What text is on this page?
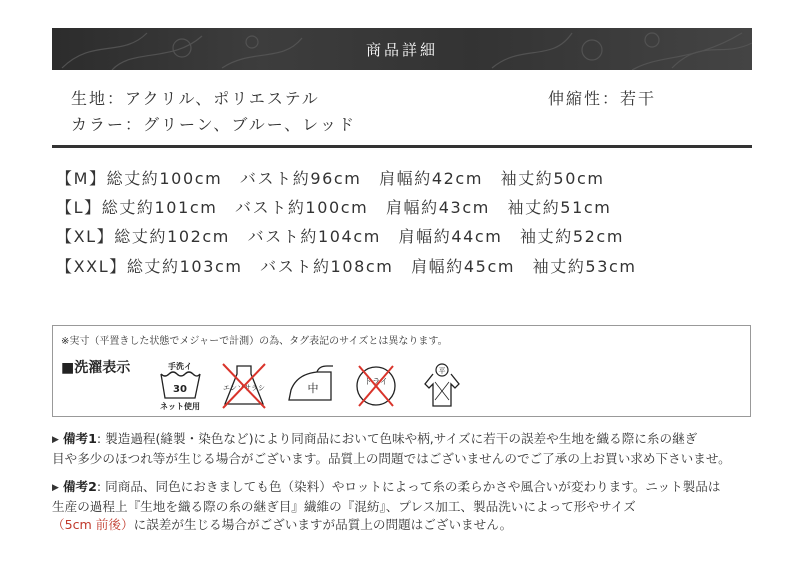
商品詳細
生地：アクリル、ポリエステル	伸縮性：若干
カラー：グリーン、ブルー、レッド
【M】総丈約100cm　バスト約96cm　肩幅約42cm　袖丈約50cm
【L】総丈約101cm　バスト約100cm　肩幅約43cm　袖丈約51cm
【XL】総丈約102cm　バスト約104cm　肩幅約44cm　袖丈約52cm
【XXL】総丈約103cm　バスト約108cm　肩幅約45cm　袖丈約53cm
※実寸（平置きした状態でメジャーで計測）の為、タグ表記のサイズとは異なります。
■洗濯表示	手洗イ
30
ネット使用
エンソサラシ	中
ドライ
平
▶ 備考1: 製造過程(縫製・染色など)により同商品において色味や柄,サイズに若干の誤差や生地を織る際に糸の継ぎ
目や多少のほつれ等が生じる場合がございます。品質上の問題ではございませんのでご了承の上お買い求め下さいませ。
▶ 備考2: 同商品、同色におきましても色（染料）やロットによって糸の柔らかさや風合いが変わります。ニット製品は
生産の過程上『生地を織る際の糸の継ぎ目』繊維の『混紡』、プレス加工、製品洗いによって形やサイズ
（5cm 前後）に誤差が生じる場合がございますが品質上の問題はございません。
